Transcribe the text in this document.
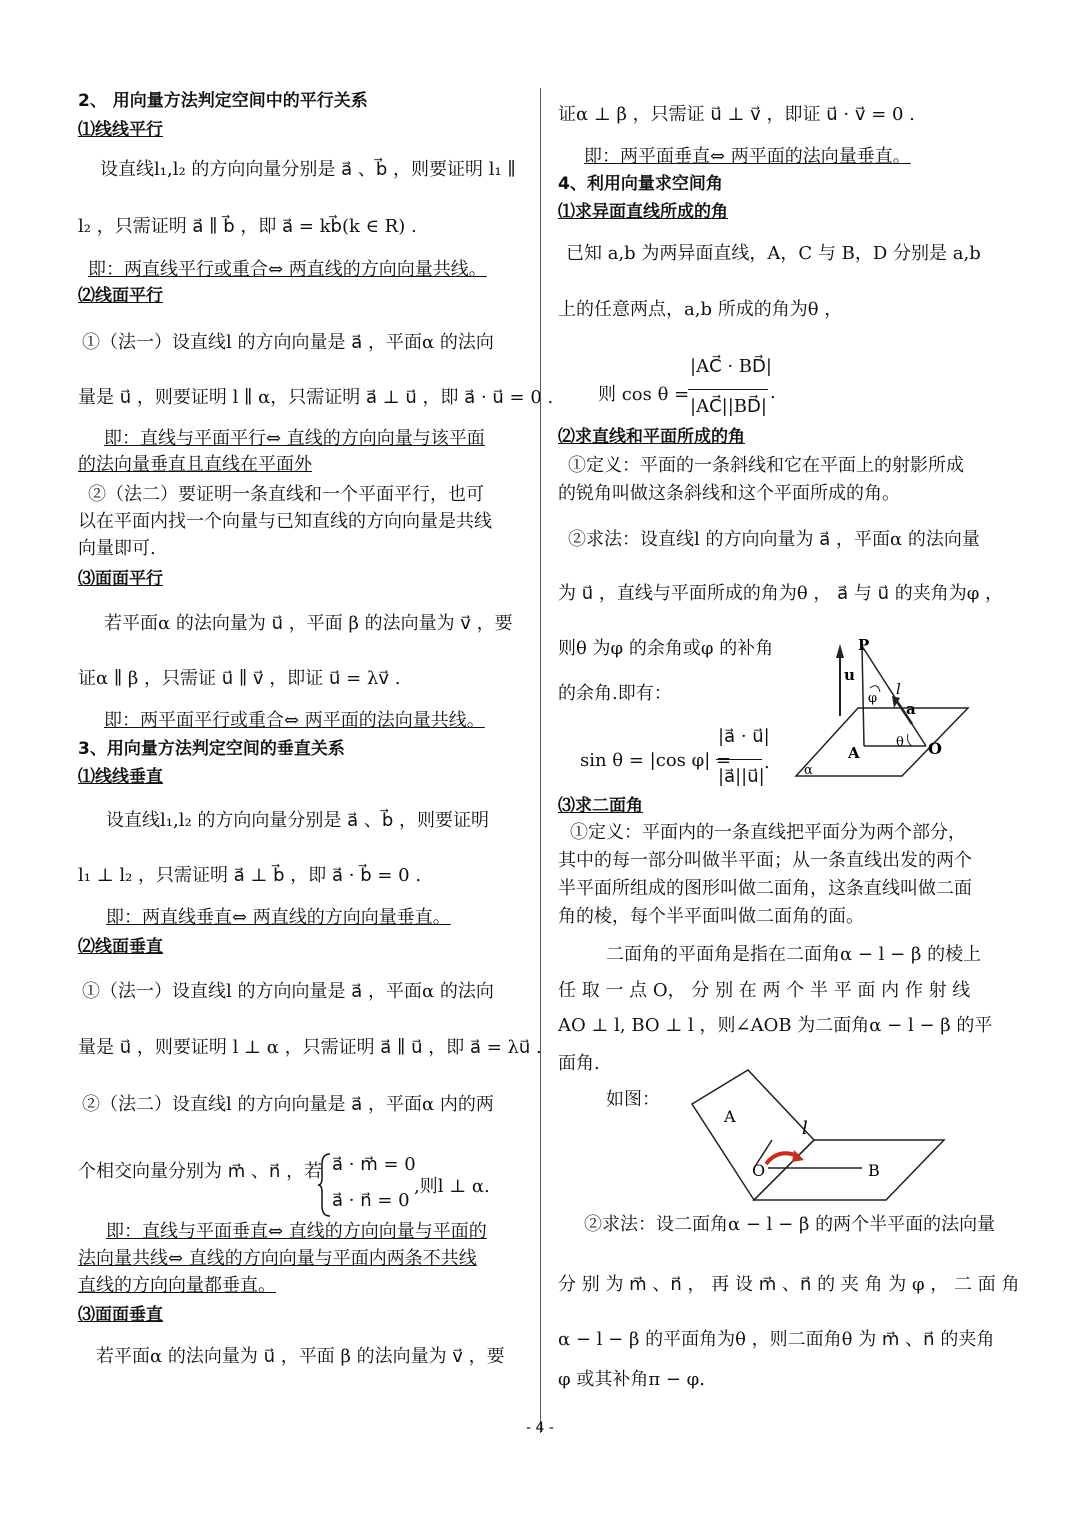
2、 用向量方法判定空间中的平行关系
⑴线线平行
设直线l₁,l₂ 的方向向量分别是 a⃗ 、b⃗ ，则要证明 l₁ ∥
l₂ ，只需证明 a⃗ ∥ b⃗ ，即 a⃗ = kb⃗(k ∈ R) .
即：两直线平行或重合⇔ 两直线的方向向量共线。
⑵线面平行
①（法一）设直线l 的方向向量是 a⃗ ，平面α 的法向
量是 u⃗ ，则要证明 l ∥ α，只需证明 a⃗ ⊥ u⃗ ，即 a⃗ · u⃗ = 0 .
即：直线与平面平行⇔ 直线的方向向量与该平面
的法向量垂直且直线在平面外
②（法二）要证明一条直线和一个平面平行，也可
以在平面内找一个向量与已知直线的方向向量是共线
向量即可.
⑶面面平行
若平面α 的法向量为 u⃗ ，平面 β 的法向量为 v⃗ ，要
证α ∥ β ，只需证 u⃗ ∥ v⃗ ，即证 u⃗ = λv⃗ .
即：两平面平行或重合⇔ 两平面的法向量共线。
3、用向量方法判定空间的垂直关系
⑴线线垂直
设直线l₁,l₂ 的方向向量分别是 a⃗ 、b⃗ ，则要证明
l₁ ⊥ l₂ ，只需证明 a⃗ ⊥ b⃗ ，即 a⃗ · b⃗ = 0 .
即：两直线垂直⇔ 两直线的方向向量垂直。
⑵线面垂直
①（法一）设直线l 的方向向量是 a⃗ ，平面α 的法向
量是 u⃗ ，则要证明 l ⊥ α ，只需证明 a⃗ ∥ u⃗ ，即 a⃗ = λu⃗ .
②（法二）设直线l 的方向向量是 a⃗ ，平面α 内的两
个相交向量分别为 m⃗ 、n⃗ ，若
即：直线与平面垂直⇔ 直线的方向向量与平面的
法向量共线⇔ 直线的方向向量与平面内两条不共线
直线的方向向量都垂直。
⑶面面垂直
若平面α 的法向量为 u⃗ ，平面 β 的法向量为 v⃗ ，要
证α ⊥ β ，只需证 u⃗ ⊥ v⃗ ，即证 u⃗ · v⃗ = 0 .
即：两平面垂直⇔ 两平面的法向量垂直。
4、利用向量求空间角
⑴求异面直线所成的角
已知 a,b 为两异面直线，A，C 与 B，D 分别是 a,b
上的任意两点，a,b 所成的角为θ ，
⑵求直线和平面所成的角
①定义：平面的一条斜线和它在平面上的射影所成
的锐角叫做这条斜线和这个平面所成的角。
②求法：设直线l 的方向向量为 a⃗ ，平面α 的法向量
为 u⃗ ，直线与平面所成的角为θ ， a⃗ 与 u⃗ 的夹角为φ ，
则θ 为φ 的余角或φ 的补角
的余角.即有：
⑶求二面角
①定义：平面内的一条直线把平面分为两个部分，
其中的每一部分叫做半平面；从一条直线出发的两个
半平面所组成的图形叫做二面角，这条直线叫做二面
角的棱，每个半平面叫做二面角的面。
二面角的平面角是指在二面角α − l − β 的棱上
任 取 一 点 O， 分 别 在 两 个 半 平 面 内 作 射 线
AO ⊥ l, BO ⊥ l ，则∠AOB 为二面角α − l − β 的平
面角.
如图：
②求法：设二面角α − l − β 的两个半平面的法向量
分 别 为 m⃗ 、n⃗ ， 再 设 m⃗ 、n⃗ 的 夹 角 为 φ ， 二 面 角
α − l − β 的平面角为θ ，则二面角θ 为 m⃗ 、n⃗ 的夹角
φ 或其补角π − φ.
a⃗ · m⃗ = 0
a⃗ · n⃗ = 0
,则l ⊥ α.
则 cos θ =
|AC⃗ · BD⃗|
|AC⃗||BD⃗|
.
sin θ = |cos φ| =
|a⃗ · u⃗|
|a⃗||u⃗|
.
P
u
φ
l
a
θ O
A
α
A
l
O	B
- 4 -
